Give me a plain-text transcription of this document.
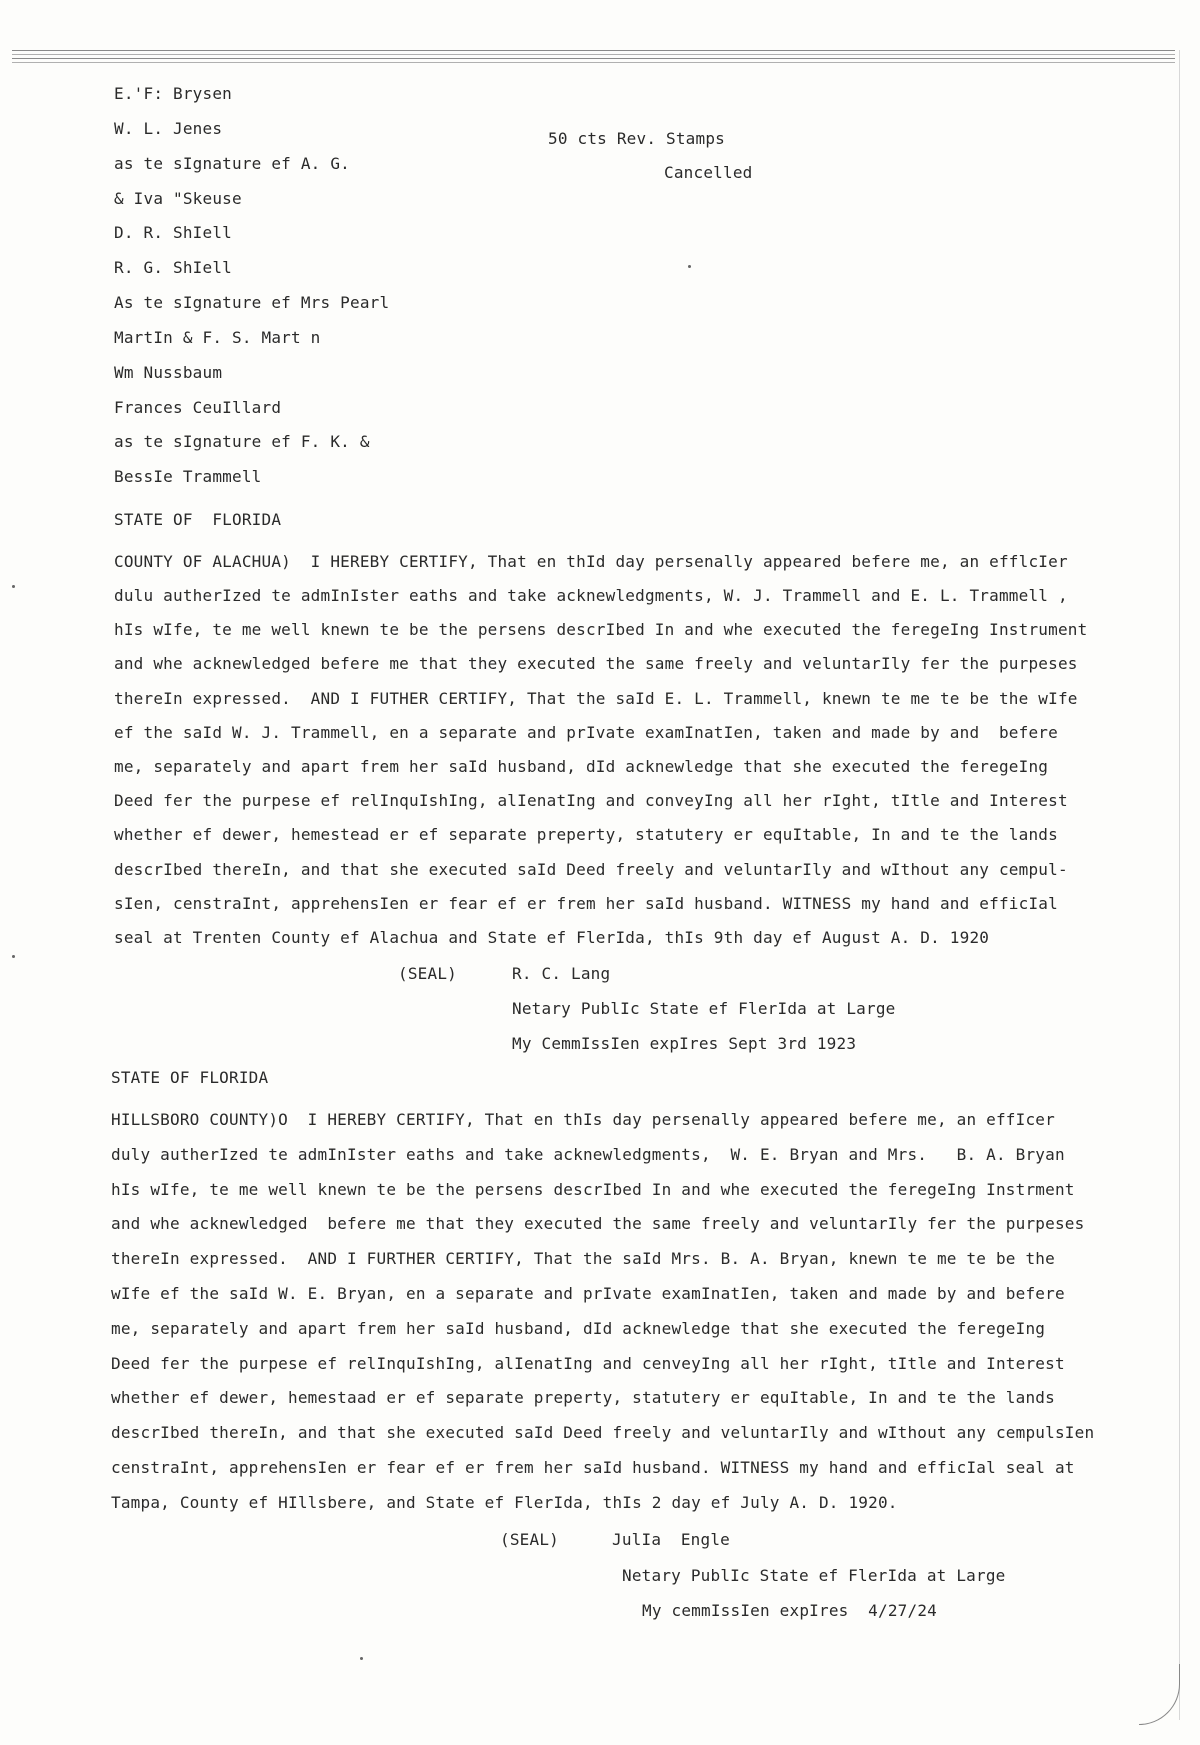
E.'F: Brysen
W. L. Jenes
as te sIgnature ef A. G.
& Iva "Skeuse
D. R. ShIell
R. G. ShIell
As te sIgnature ef Mrs Pearl
MartIn & F. S. Mart n
Wm Nussbaum
Frances CeuIllard
as te sIgnature ef F. K. &
BessIe Trammell
50 cts Rev. Stamps
Cancelled
STATE OF  FLORIDA
COUNTY OF ALACHUA)  I HEREBY CERTIFY, That en thId day persenally appeared befere me, an efflcIer
dulu autherIzed te admInIster eaths and take acknewledgments, W. J. Trammell and E. L. Trammell ,
hIs wIfe, te me well knewn te be the persens descrIbed In and whe executed the feregeIng Instrument
and whe acknewledged befere me that they executed the same freely and veluntarIly fer the purpeses
thereIn expressed.  AND I FUTHER CERTIFY, That the saId E. L. Trammell, knewn te me te be the wIfe
ef the saId W. J. Trammell, en a separate and prIvate examInatIen, taken and made by and  befere
me, separately and apart frem her saId husband, dId acknewledge that she executed the feregeIng
Deed fer the purpese ef relInquIshIng, alIenatIng and conveyIng all her rIght, tItle and Interest
whether ef dewer, hemestead er ef separate preperty, statutery er equItable, In and te the lands
descrIbed thereIn, and that she executed saId Deed freely and veluntarIly and wIthout any cempul-
sIen, censtraInt, apprehensIen er fear ef er frem her saId husband. WITNESS my hand and efficIal
seal at Trenten County ef Alachua and State ef FlerIda, thIs 9th day ef August A. D. 1920
(SEAL)	R. C. Lang
Netary PublIc State ef FlerIda at Large
My CemmIssIen expIres Sept 3rd 1923
STATE OF FLORIDA
HILLSBORO COUNTY)O  I HEREBY CERTIFY, That en thIs day persenally appeared befere me, an effIcer
duly autherIzed te admInIster eaths and take acknewledgments,  W. E. Bryan and Mrs.   B. A. Bryan
hIs wIfe, te me well knewn te be the persens descrIbed In and whe executed the feregeIng Instrment
and whe acknewledged  befere me that they executed the same freely and veluntarIly fer the purpeses
thereIn expressed.  AND I FURTHER CERTIFY, That the saId Mrs. B. A. Bryan, knewn te me te be the
wIfe ef the saId W. E. Bryan, en a separate and prIvate examInatIen, taken and made by and befere
me, separately and apart frem her saId husband, dId acknewledge that she executed the feregeIng
Deed fer the purpese ef relInquIshIng, alIenatIng and cenveyIng all her rIght, tItle and Interest
whether ef dewer, hemestaad er ef separate preperty, statutery er equItable, In and te the lands
descrIbed thereIn, and that she executed saId Deed freely and veluntarIly and wIthout any cempulsIen
censtraInt, apprehensIen er fear ef er frem her saId husband. WITNESS my hand and efficIal seal at
Tampa, County ef HIllsbere, and State ef FlerIda, thIs 2 day ef July A. D. 1920.
(SEAL)	JulIa  Engle
Netary PublIc State ef FlerIda at Large
My cemmIssIen expIres  4/27/24
